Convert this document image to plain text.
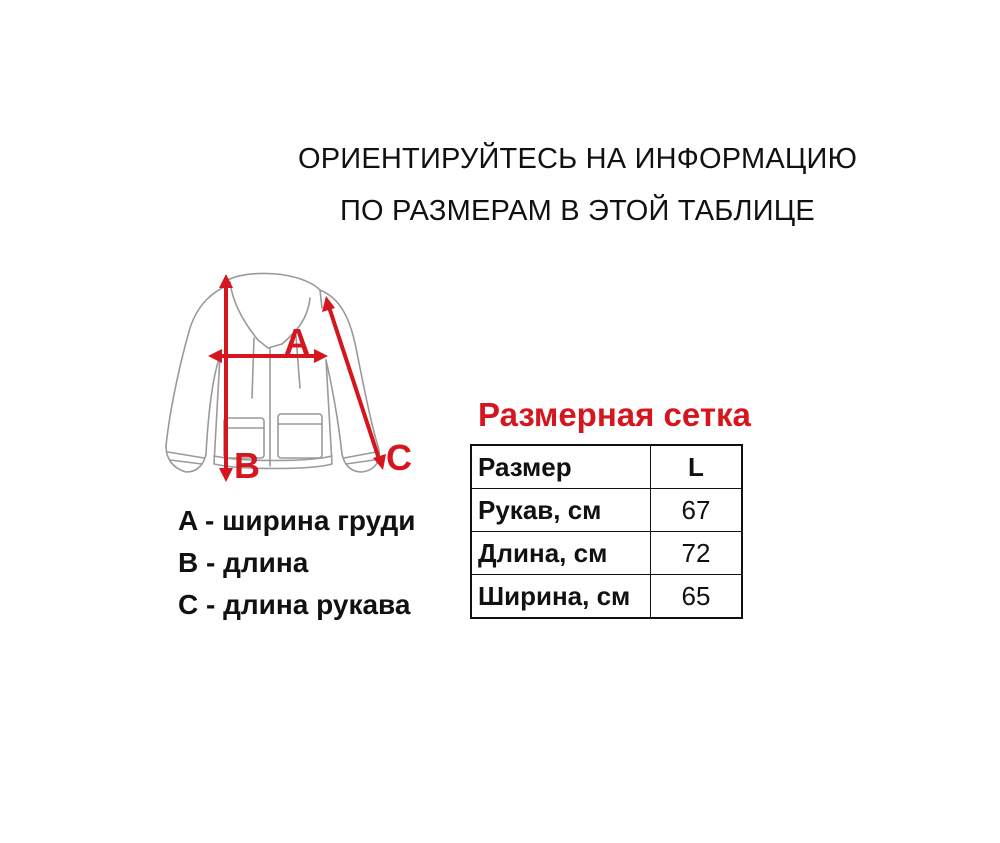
ОРИЕНТИРУЙТЕСЬ НА ИНФОРМАЦИЮ
ПО РАЗМЕРАМ В ЭТОЙ ТАБЛИЦЕ
A
B	C
A - ширина груди
B - длина
C - длина рукава
Размерная сетка
Размер	L
Рукав, см	67
Длина, см	72
Ширина, см	65
